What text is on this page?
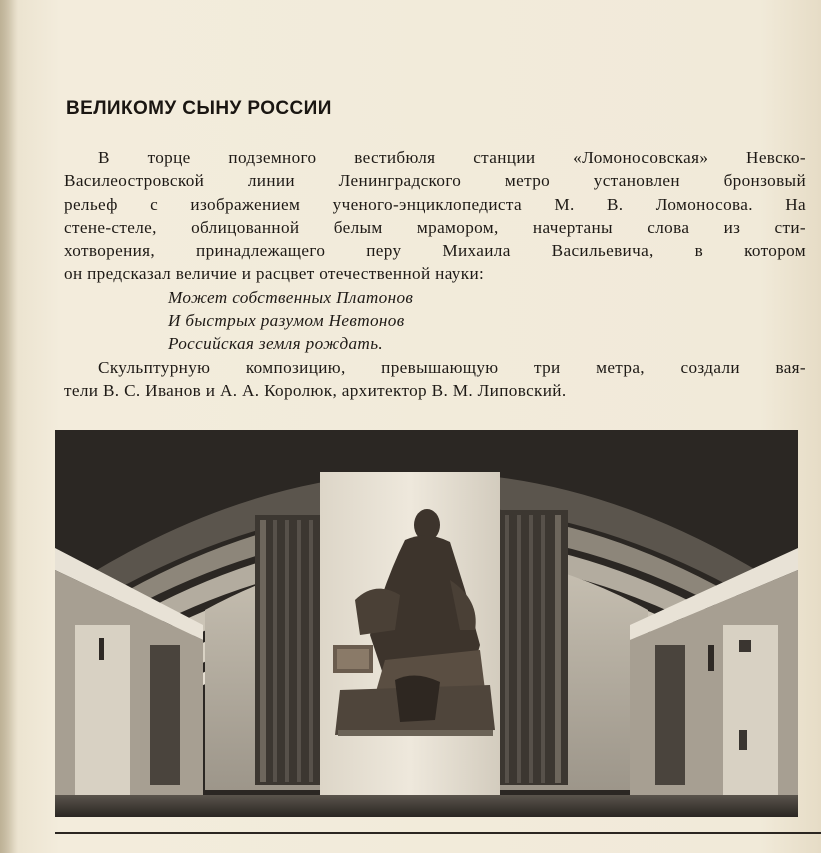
ВЕЛИКОМУ СЫНУ РОССИИ
В торце подземного вестибюля станции «Ломоносовская» Невско-
Василеостровской линии Ленинградского метро установлен бронзовый
рельеф с изображением ученого-энциклопедиста М. В. Ломоносова. На
стене-стеле, облицованной белым мрамором, начертаны слова из сти-
хотворения, принадлежащего перу Михаила Васильевича, в котором
он предсказал величие и расцвет отечественной науки:
Может собственных Платонов
И быстрых разумом Невтонов
Российская земля рождать.
Скульптурную композицию, превышающую три метра, создали вая-
тели В. С. Иванов и А. А. Королюк, архитектор В. М. Липовский.
